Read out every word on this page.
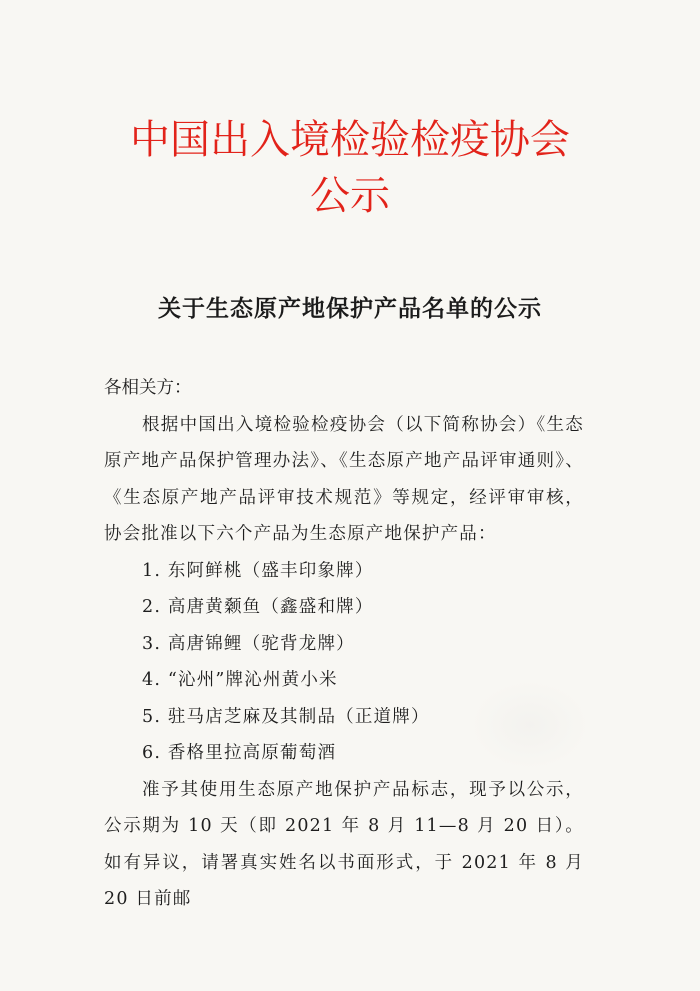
中国出入境检验检疫协会
公示
关于生态原产地保护产品名单的公示

各相关方：

根据中国出入境检验检疫协会（以下简称协会）《生态原产地产品保护管理办法》、《生态原产地产品评审通则》、《生态原产地产品评审技术规范》等规定，经评审审核，协会批准以下六个产品为生态原产地保护产品：

1. 东阿鲜桃（盛丰印象牌）
2. 高唐黄颡鱼（鑫盛和牌）
3. 高唐锦鲤（驼背龙牌）
4. “沁州”牌沁州黄小米
5. 驻马店芝麻及其制品（正道牌）
6. 香格里拉高原葡萄酒

准予其使用生态原产地保护产品标志，现予以公示，公示期为 10 天（即 2021 年 8 月 11—8 月 20 日）。如有异议，请署真实姓名以书面形式，于 2021 年 8 月 20 日前邮
